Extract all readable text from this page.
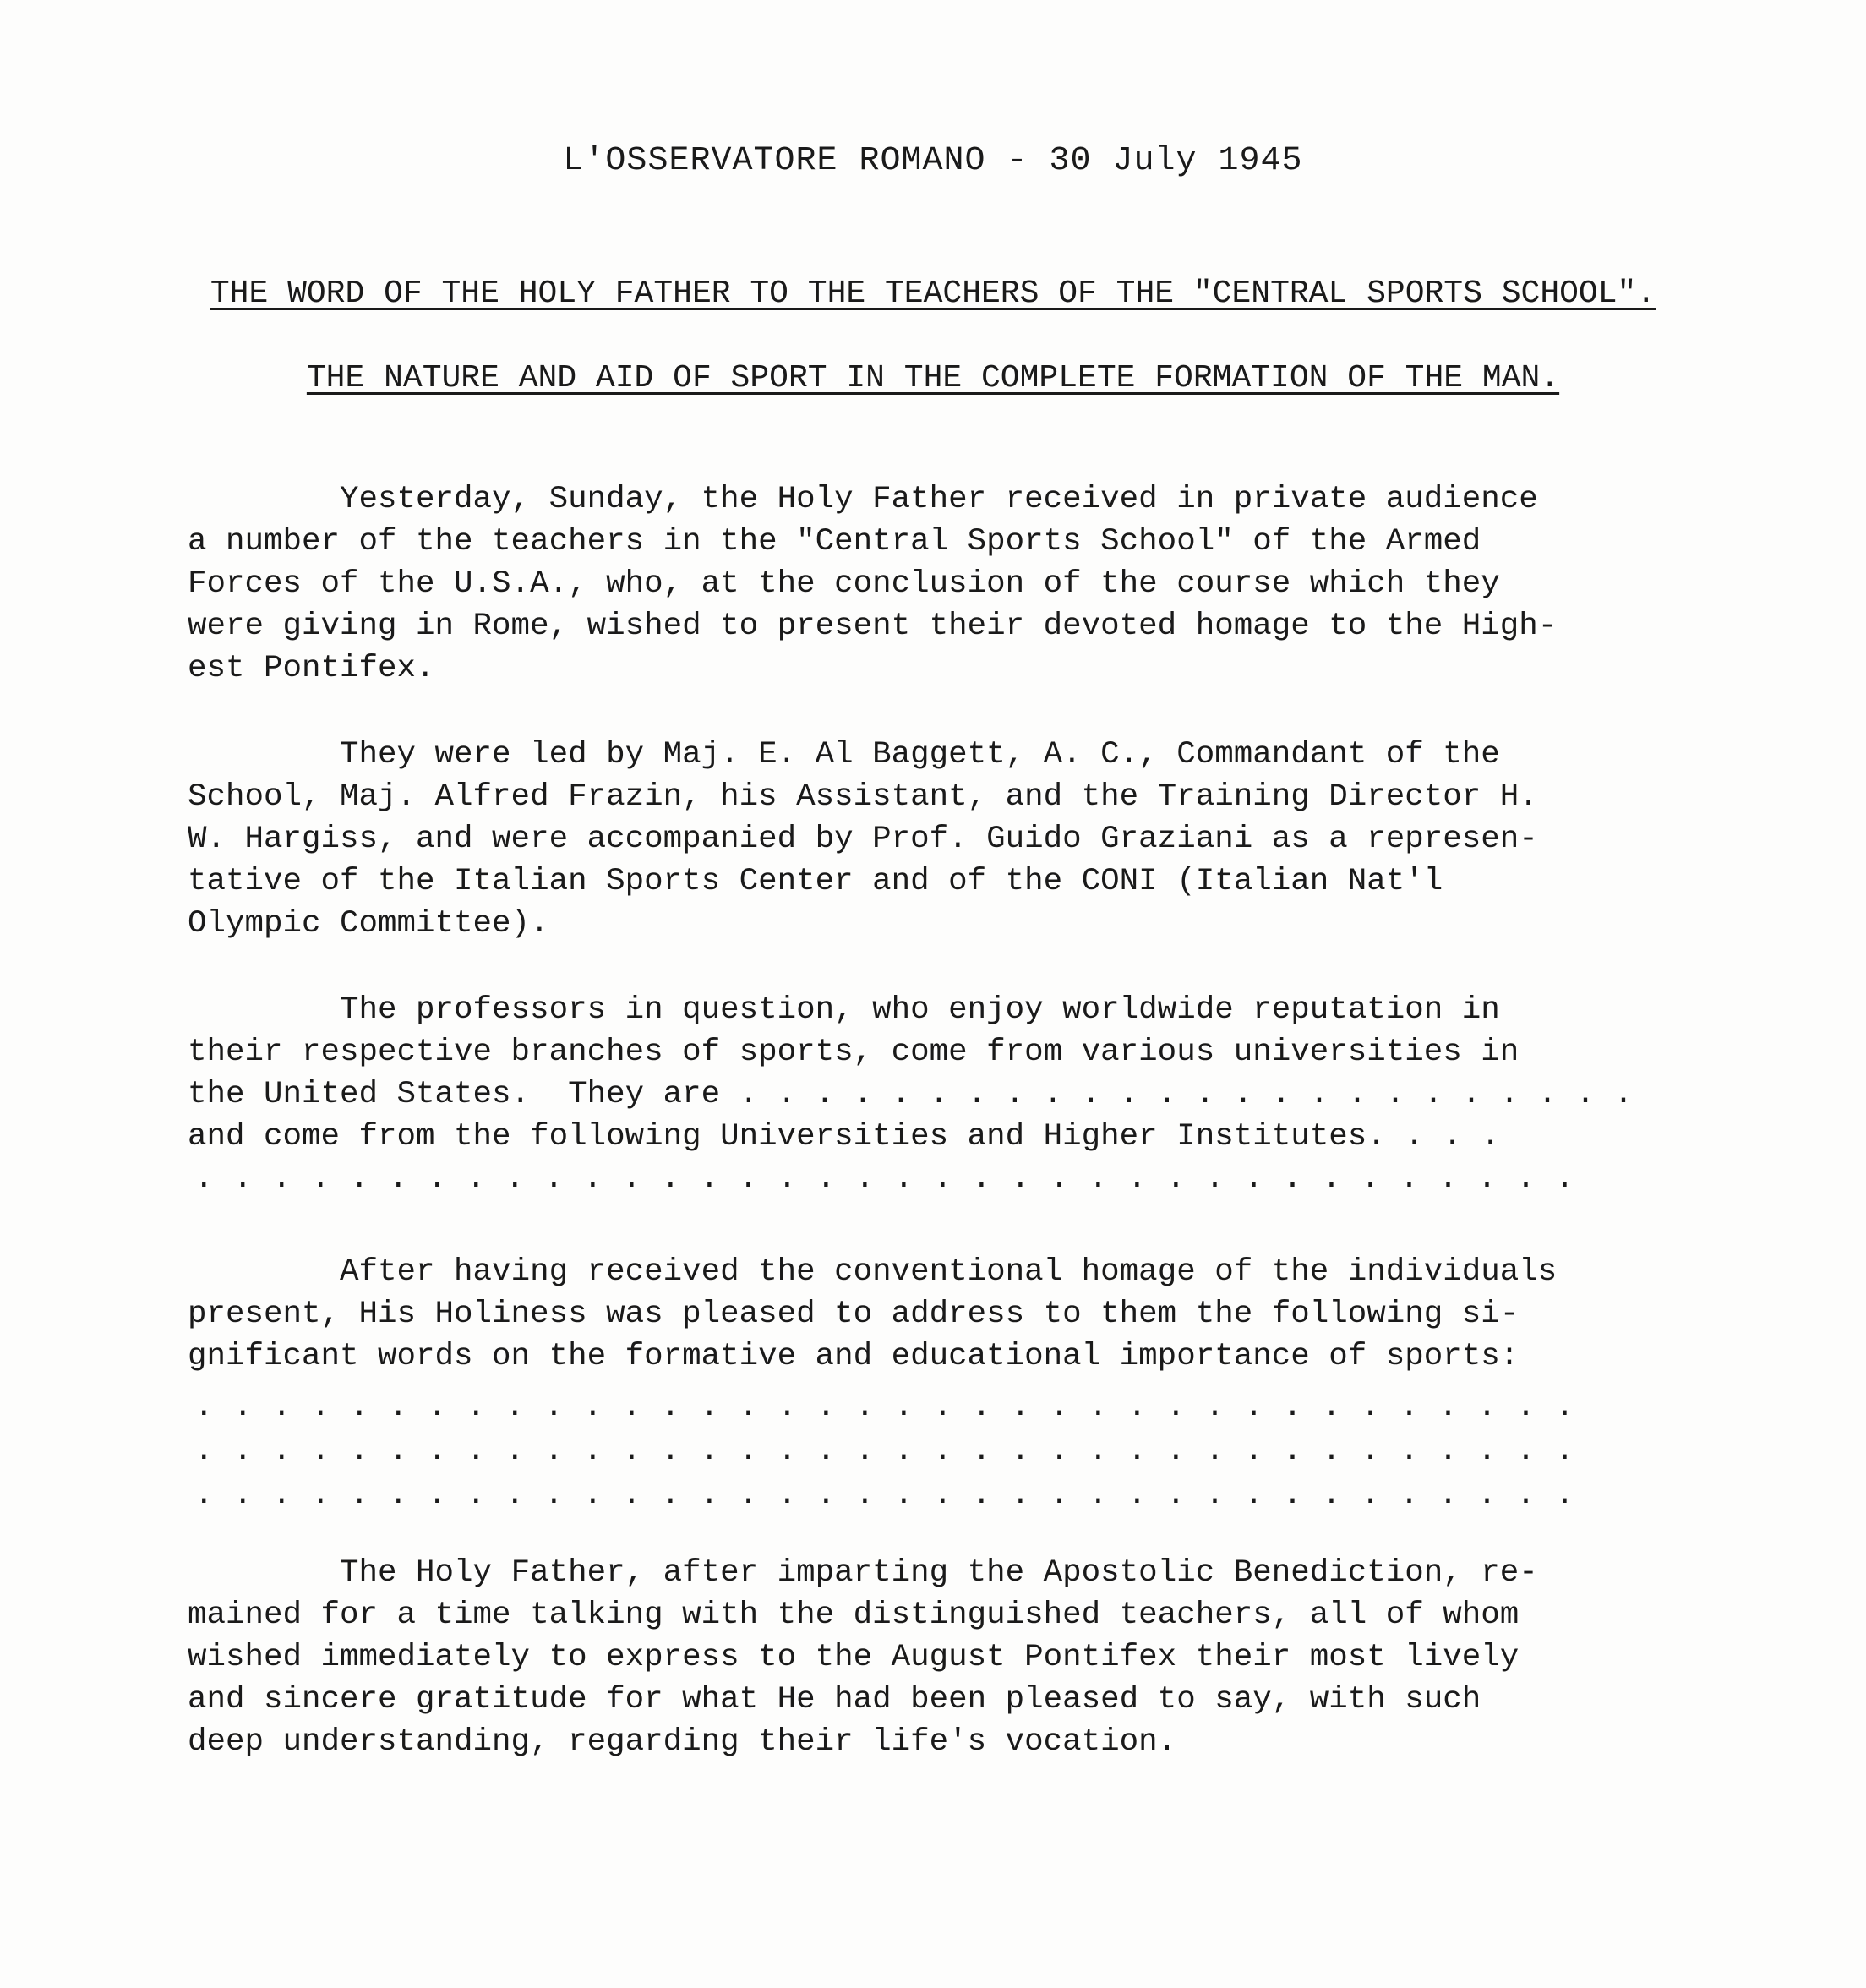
L'OSSERVATORE ROMANO - 30 July 1945
THE WORD OF THE HOLY FATHER TO THE TEACHERS OF THE "CENTRAL SPORTS SCHOOL".
THE NATURE AND AID OF SPORT IN THE COMPLETE FORMATION OF THE MAN.

Yesterday, Sunday, the Holy Father received in private audience
a number of the teachers in the "Central Sports School" of the Armed
Forces of the U.S.A., who, at the conclusion of the course which they
were giving in Rome, wished to present their devoted homage to the High-
est Pontifex.

They were led by Maj. E. Al Baggett, A. C., Commandant of the
School, Maj. Alfred Frazin, his Assistant, and the Training Director H.
W. Hargiss, and were accompanied by Prof. Guido Graziani as a represen-
tative of the Italian Sports Center and of the CONI (Italian Nat'l
Olympic Committee).

The professors in question, who enjoy worldwide reputation in
their respective branches of sports, come from various universities in
the United States.  They are . . . . . . . . . . . . . . . . . . . . . . . .
and come from the following Universities and Higher Institutes. . . .

. . . . . . . . . . . . . . . . . . . . . . . . . . . . . . . . . . . .

After having received the conventional homage of the individuals
present, His Holiness was pleased to address to them the following si-
gnificant words on the formative and educational importance of sports:

. . . . . . . . . . . . . . . . . . . . . . . . . . . . . . . . . . . .

. . . . . . . . . . . . . . . . . . . . . . . . . . . . . . . . . . . .

. . . . . . . . . . . . . . . . . . . . . . . . . . . . . . . . . . . .

The Holy Father, after imparting the Apostolic Benediction, re-
mained for a time talking with the distinguished teachers, all of whom
wished immediately to express to the August Pontifex their most lively
and sincere gratitude for what He had been pleased to say, with such
deep understanding, regarding their life's vocation.
